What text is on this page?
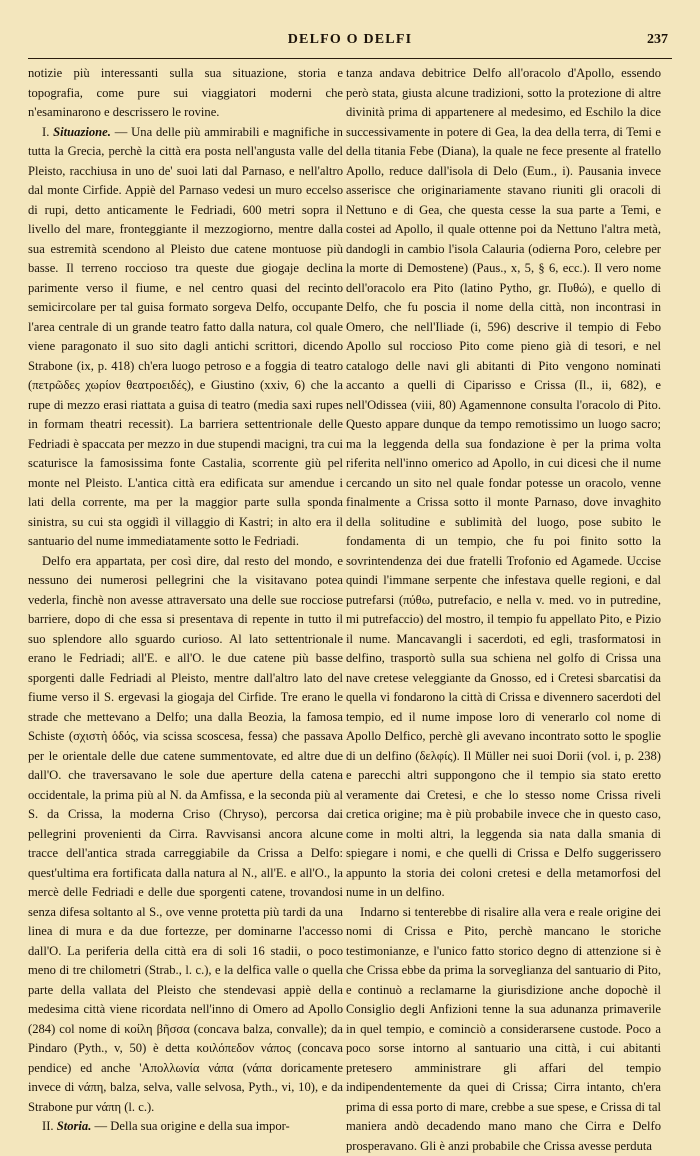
DELFO O DELFI	237

notizie più interessanti sulla sua situazione, storia e topografia, come pure sui viaggiatori moderni che n'esaminarono e descrissero le rovine.

I. Situazione. — Una delle più ammirabili e magnifiche in tutta la Grecia, perchè la città era posta nell'angusta valle del Pleisto, racchiusa in uno de' suoi lati dal Parnaso, e nell'altro dal monte Cirfide. Appiè del Parnaso vedesi un muro eccelso di rupi, detto anticamente le Fedriadi, 600 metri sopra il livello del mare, fronteggiante il mezzogiorno, mentre dalla sua estremità scendono al Pleisto due catene montuose più basse. Il terreno roccioso tra queste due giogaje declina parimente verso il fiume, e nel centro quasi del recinto semicircolare per tal guisa formato sorgeva Delfo, occupante l'area centrale di un grande teatro fatto dalla natura, col quale viene paragonato il suo sito dagli antichi scrittori, dicendo Strabone (ix, p. 418) ch'era luogo petroso e a foggia di teatro (πετρῶδες χωρίον θεατροειδές), e Giustino (xxiv, 6) che la rupe di mezzo erasi riattata a guisa di teatro (media saxi rupes in formam theatri recessit). La barriera settentrionale delle Fedriadi è spaccata per mezzo in due stupendi macigni, tra cui scaturisce la famosissima fonte Castalia, scorrente giù pel monte nel Pleisto. L'antica città era edificata sur amendue i lati della corrente, ma per la maggior parte sulla sponda sinistra, su cui sta oggidì il villaggio di Kastri; in alto era il santuario del nume immediatamente sotto le Fedriadi.

Delfo era appartata, per così dire, dal resto del mondo, e nessuno dei numerosi pellegrini che la visitavano potea vederla, finchè non avesse attraversato una delle sue rocciose barriere, dopo di che essa si presentava di repente in tutto il suo splendore allo sguardo curioso. Al lato settentrionale erano le Fedriadi; all'E. e all'O. le due catene più basse sporgenti dalle Fedriadi al Pleisto, mentre dall'altro lato del fiume verso il S. ergevasi la giogaja del Cirfide. Tre erano le strade che mettevano a Delfo; una dalla Beozia, la famosa Schiste (σχιστὴ ὁδός, via scissa scoscesa, fessa) che passava per le orientale delle due catene summentovate, ed altre due dall'O. che traversavano le sole due aperture della catena occidentale, la prima più al N. da Amfissa, e la seconda più al S. da Crissa, la moderna Criso (Chryso), percorsa dai pellegrini provenienti da Cirra. Ravvisansi ancora alcune tracce dell'antica strada carreggiabile da Crissa a Delfo: quest'ultima era fortificata dalla natura al N., all'E. e all'O., la mercè delle Fedriadi e delle due sporgenti catene, trovandosi senza difesa soltanto al S., ove venne protetta più tardi da una linea di mura e da due fortezze, per dominarne l'accesso dall'O. La periferia della città era di soli 16 stadii, o poco meno di tre chilometri (Strab., l. c.), e la delfica valle o quella parte della vallata del Pleisto che stendevasi appiè della medesima città viene ricordata nell'inno di Omero ad Apollo (284) col nome di κοίλη βῆσσα (concava balza, convalle); da Pindaro (Pyth., v, 50) è detta κοιλόπεδον νάπος (concava pendice) ed anche 'Απολλωνία νάπα (νάπα doricamente invece di νάπη, balza, selva, valle selvosa, Pyth., vi, 10), e da Strabone pur νάπη (l. c.).

II. Storia. — Della sua origine e della sua impor-

tanza andava debitrice Delfo all'oracolo d'Apollo, essendo però stata, giusta alcune tradizioni, sotto la protezione di altre divinità prima di appartenere al medesimo, ed Eschilo la dice successivamente in potere di Gea, la dea della terra, di Temi e della titania Febe (Diana), la quale ne fece presente al fratello Apollo, reduce dall'isola di Delo (Eum., i). Pausania invece asserisce che originariamente stavano riuniti gli oracoli di Nettuno e di Gea, che questa cesse la sua parte a Temi, e costei ad Apollo, il quale ottenne poi da Nettuno l'altra metà, dandogli in cambio l'isola Calauria (odierna Poro, celebre per la morte di Demostene) (Paus., x, 5, § 6, ecc.). Il vero nome dell'oracolo era Pito (latino Pytho, gr. Πυθώ), e quello di Delfo, che fu poscia il nome della città, non incontrasi in Omero, che nell'Iliade (i, 596) descrive il tempio di Febo Apollo sul roccioso Pito come pieno già di tesori, e nel catalogo delle navi gli abitanti di Pito vengono nominati accanto a quelli di Ciparisso e Crissa (Il., ii, 682), e nell'Odissea (viii, 80) Agamennone consulta l'oracolo di Pito. Questo appare dunque da tempo remotissimo un luogo sacro; ma la leggenda della sua fondazione è per la prima volta riferita nell'inno omerico ad Apollo, in cui dicesi che il nume cercando un sito nel quale fondar potesse un oracolo, venne finalmente a Crissa sotto il monte Parnaso, dove invaghito della solitudine e sublimità del luogo, pose subito le fondamenta di un tempio, che fu poi finito sotto la sovrintendenza dei due fratelli Trofonio ed Agamede. Uccise quindi l'immane serpente che infestava quelle regioni, e dal putrefarsi (πύθω, putrefacio, e nella v. med. vo in putredine, mi putrefaccio) del mostro, il tempio fu appellato Pito, e Pizio il nume. Mancavangli i sacerdoti, ed egli, trasformatosi in delfino, trasportò sulla sua schiena nel golfo di Crissa una nave cretese veleggiante da Gnosso, ed i Cretesi sbarcatisi da quella vi fondarono la città di Crissa e divennero sacerdoti del tempio, ed il nume impose loro di venerarlo col nome di Apollo Delfico, perchè gli avevano incontrato sotto le spoglie di un delfino (δελφίς). Il Müller nei suoi Dorii (vol. i, p. 238) e parecchi altri suppongono che il tempio sia stato eretto veramente dai Cretesi, e che lo stesso nome Crissa riveli cretica origine; ma è più probabile invece che in questo caso, come in molti altri, la leggenda sia nata dalla smania di spiegare i nomi, e che quelli di Crissa e Delfo suggerissero appunto la storia dei coloni cretesi e della metamorfosi del nume in un delfino.

Indarno si tenterebbe di risalire alla vera e reale origine dei nomi di Crissa e Pito, perchè mancano le storiche testimonianze, e l'unico fatto storico degno di attenzione si è che Crissa ebbe da prima la sorveglianza del santuario di Pito, e continuò a reclamarne la giurisdizione anche dopochè il Consiglio degli Anfizioni tenne la sua adunanza primaverile in quel tempio, e cominciò a considerarsene custode. Poco a poco sorse intorno al santuario una città, i cui abitanti pretesero amministrare gli affari del tempio indipendentemente da quei di Crissa; Cirra intanto, ch'era prima di essa porto di mare, crebbe a sue spese, e Crissa di tal maniera andò decadendo mano mano che Cirra e Delfo prosperavano. Gli è anzi probabile che Crissa avesse perduta
